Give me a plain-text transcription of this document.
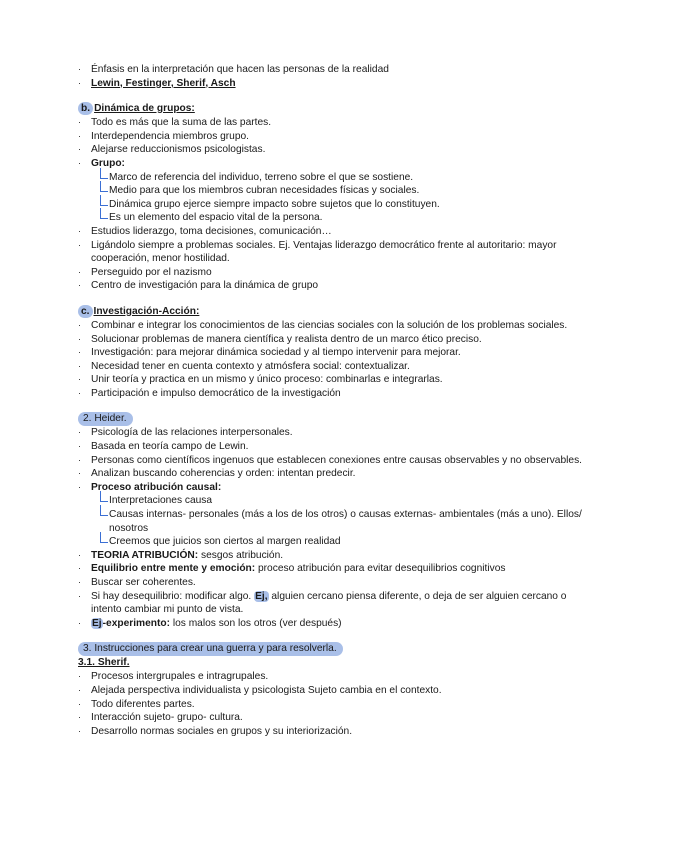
· Énfasis en la interpretación que hacen las personas de la realidad
· Lewin, Festinger, Sherif, Asch
b. Dinámica de grupos:
· Todo es más que la suma de las partes.
· Interdependencia miembros grupo.
· Alejarse reduccionismos psicologistas.
· Grupo:
Marco de referencia del individuo, terreno sobre el que se sostiene.
Medio para que los miembros cubran necesidades físicas y sociales.
Dinámica grupo ejerce siempre impacto sobre sujetos que lo constituyen.
Es un elemento del espacio vital de la persona.
· Estudios liderazgo, toma decisiones, comunicación…
· Ligándolo siempre a problemas sociales. Ej. Ventajas liderazgo democrático frente al autoritario: mayor cooperación, menor hostilidad.
· Perseguido por el nazismo
· Centro de investigación para la dinámica de grupo
c. Investigación-Acción:
· Combinar e integrar los conocimientos de las ciencias sociales con la solución de los problemas sociales.
· Solucionar problemas de manera científica y realista dentro de un marco ético preciso.
· Investigación: para mejorar dinámica sociedad y al tiempo intervenir para mejorar.
· Necesidad tener en cuenta contexto y atmósfera social: contextualizar.
· Unir teoría y practica en un mismo y único proceso: combinarlas e integrarlas.
· Participación e impulso democrático de la investigación
2. Heider.
· Psicología de las relaciones interpersonales.
· Basada en teoría campo de Lewin.
· Personas como científicos ingenuos que establecen conexiones entre causas observables y no observables.
· Analizan buscando coherencias y orden: intentan predecir.
· Proceso atribución causal:
Interpretaciones causa
Causas internas- personales (más a los de los otros) o causas externas- ambientales (más a uno). Ellos/ nosotros
Creemos que juicios son ciertos al margen realidad
· TEORIA ATRIBUCIÓN: sesgos atribución.
· Equilibrio entre mente y emoción: proceso atribución para evitar desequilibrios cognitivos
· Buscar ser coherentes.
· Si hay desequilibrio: modificar algo. Ej, alguien cercano piensa diferente, o deja de ser alguien cercano o intento cambiar mi punto de vista.
·	Ej-experimento: los malos son los otros (ver después)
3. Instrucciones para crear una guerra y para resolverla.
3.1. Sherif.
· Procesos intergrupales e intragrupales.
· Alejada perspectiva individualista y psicologista Sujeto cambia en el contexto.
· Todo diferentes partes.
· Interacción sujeto- grupo- cultura.
· Desarrollo normas sociales en grupos y su interiorización.
